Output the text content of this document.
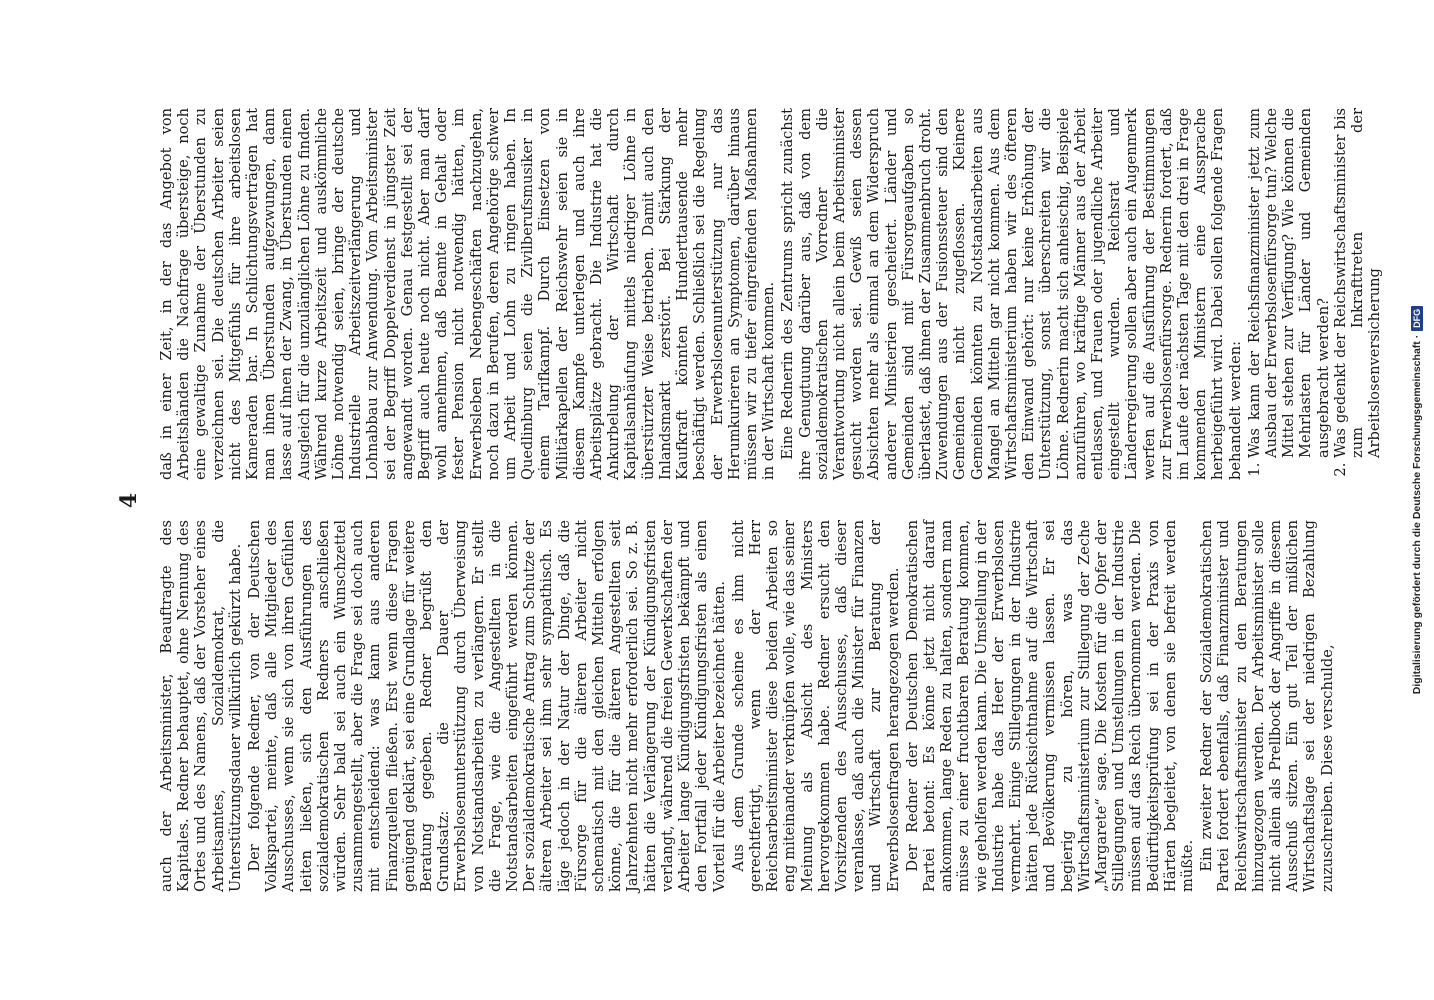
4

auch der Arbeitsminister, Beauftragte des Kapitales. Redner behauptet, ohne Nennung des Ortes und des Namens, daß der Vorsteher eines Arbeitsamtes, Sozialdemokrat, die Unterstützungsdauer willkürlich gekürzt habe. Der folgende Redner, von der Deutschen Volkspartei, meinte, daß alle Mitglieder des Ausschusses, wenn sie sich von ihren Gefühlen leiten ließen, sich den Ausführungen des sozialdemokratischen Redners anschließen würden. Sehr bald sei auch ein Wunschzettel zusammengestellt, aber die Frage sei doch auch mit entscheidend: was kann aus anderen Finanzquellen fließen. Erst wenn diese Fragen genügend geklärt, sei eine Grundlage für weitere Beratung gegeben. Redner begrüßt den Grundsatz: die Dauer der Erwerbslosenunterstützung durch Überweisung von Notstandsarbeiten zu verlängern. Er stellt die Frage, wie die Angestellten in die Notstandsarbeiten eingeführt werden können. Der sozialdemokratische Antrag zum Schutze der älteren Arbeiter sei ihm sehr sympathisch. Es läge jedoch in der Natur der Dinge, daß die Fürsorge für die älteren Arbeiter nicht schematisch mit den gleichen Mitteln erfolgen könne, die für die älteren Angestellten seit Jahrzehnten nicht mehr erforderlich sei. So z. B. hätten die Verlängerung der Kündigungsfristen verlangt, während die freien Gewerkschaften der Arbeiter lange Kündigungsfristen bekämpft und den Fortfall jeder Kündigungsfristen als einen Vorteil für die Arbeiter bezeichnet hätten. Aus dem Grunde scheine es ihm nicht gerechtfertigt, wenn der Herr Reichsarbeitsminister diese beiden Arbeiten so eng miteinander verknüpfen wolle, wie das seiner Meinung als Absicht des Ministers hervorgekommen habe. Redner ersucht den Vorsitzenden des Ausschusses, daß dieser veranlasse, daß auch die Minister für Finanzen und Wirtschaft zur Beratung der Erwerbslosenfragen herangezogen werden. Der Redner der Deutschen Demokratischen Partei betont: Es könne jetzt nicht darauf ankommen, lange Reden zu halten, sondern man müsse zu einer fruchtbaren Beratung kommen, wie geholfen werden kann. Die Umstellung in der Industrie habe das Heer der Erwerbslosen vermehrt. Einige Stillegungen in der Industrie hätten jede Rücksichtnahme auf die Wirtschaft und Bevölkerung vermissen lassen. Er sei begierig zu hören, was das Wirtschaftsministerium zur Stillegung der Zeche „Margarete“ sage. Die Kosten für die Opfer der Stillegungen und Umstellungen in der Industrie müssen auf das Reich übernommen werden. Die Bedürftigkeitsprüfung sei in der Praxis von Härten begleitet, von denen sie befreit werden müßte. Ein zweiter Redner der Sozialdemokratischen Partei fordert ebenfalls, daß Finanzminister und Reichswirtschaftsminister zu den Beratungen hinzugezogen werden. Der Arbeitsminister solle nicht allein als Prellbock der Angriffe in diesem Ausschuß sitzen. Ein gut Teil der mißlichen Wirtschaftslage sei der niedrigen Bezahlung zuzuschreiben. Diese verschulde,

daß in einer Zeit, in der das Angebot von Arbeitshänden die Nachfrage übersteige, noch eine gewaltige Zunahme der Überstunden zu verzeichnen sei. Die deutschen Arbeiter seien nicht des Mitgefühls für ihre arbeitslosen Kameraden bar. In Schlichtungsverträgen hat man ihnen Überstunden aufgezwungen, dann lasse auf ihnen der Zwang, in Überstunden einen Ausgleich für die unzulänglichen Löhne zu finden. Während kurze Arbeitszeit und auskömmliche Löhne notwendig seien, bringe der deutsche Industrielle Arbeitszeitverlängerung und Lohnabbau zur Anwendung. Vom Arbeitsminister sei der Begriff Doppelverdienst in jüngster Zeit angewandt worden. Genau festgestellt sei der Begriff auch heute noch nicht. Aber man darf wohl annehmen, daß Beamte in Gehalt oder fester Pension nicht notwendig hätten, im Erwerbsleben Nebengeschäften nachzugehen, noch dazu in Berufen, deren Angehörige schwer um Arbeit und Lohn zu ringen haben. In Quedlinburg seien die Zivilberufsmusiker in einem Tarifkampf. Durch Einsetzen von Militärkapellen der Reichswehr seien sie in diesem Kampfe unterlegen und auch ihre Arbeitsplätze gebracht. Die Industrie hat die Ankurbelung der Wirtschaft durch Kapitalsanhäufung mittels niedriger Löhne in überstürzter Weise betrieben. Damit auch den Inlandsmarkt zerstört. Bei Stärkung der Kaufkraft könnten Hunderttausende mehr beschäftigt werden. Schließlich sei die Regelung der Erwerbslosenunterstützung nur das Herumkurieren an Symptomen, darüber hinaus müssen wir zu tiefer eingreifenden Maßnahmen in der Wirtschaft kommen. Eine Rednerin des Zentrums spricht zunächst ihre Genugtuung darüber aus, daß von dem sozialdemokratischen Vorredner die Verantwortung nicht allein beim Arbeitsminister gesucht worden sei. Gewiß seien dessen Absichten mehr als einmal an dem Widerspruch anderer Ministerien gescheitert. Länder und Gemeinden sind mit Fürsorgeaufgaben so überlastet, daß ihnen der Zusammenbruch droht. Zuwendungen aus der Fusionssteuer sind den Gemeinden nicht zugeflossen. Kleinere Gemeinden könnten zu Notstandsarbeiten aus Mangel an Mitteln gar nicht kommen. Aus dem Wirtschaftsministerium haben wir des öfteren den Einwand gehört: nur keine Erhöhung der Unterstützung, sonst überschreiten wir die Löhne. Rednerin macht sich anheischig, Beispiele anzuführen, wo kräftige Männer aus der Arbeit entlassen, und Frauen oder jugendliche Arbeiter eingestellt wurden. Reichsrat und Länderregierung sollen aber auch ein Augenmerk werfen auf die Ausführung der Bestimmungen zur Erwerbslosenfürsorge. Rednerin fordert, daß im Laufe der nächsten Tage mit den drei in Frage kommenden Ministern eine Aussprache herbeigeführt wird. Dabei sollen folgende Fragen behandelt werden: 1. Was kann der Reichsfinanzminister jetzt zum Ausbau der Erwerbslosenfürsorge tun? Welche Mittel stehen zur Verfügung? Wie können die Mehrlasten für Länder und Gemeinden ausgebracht werden? 2. Was gedenkt der Reichswirtschaftsminister bis zum Inkrafttreten der Arbeitslosenversicherung	Digitalisierung gefördert durch die Deutsche Forschungsgemeinschaft ·
DFG
